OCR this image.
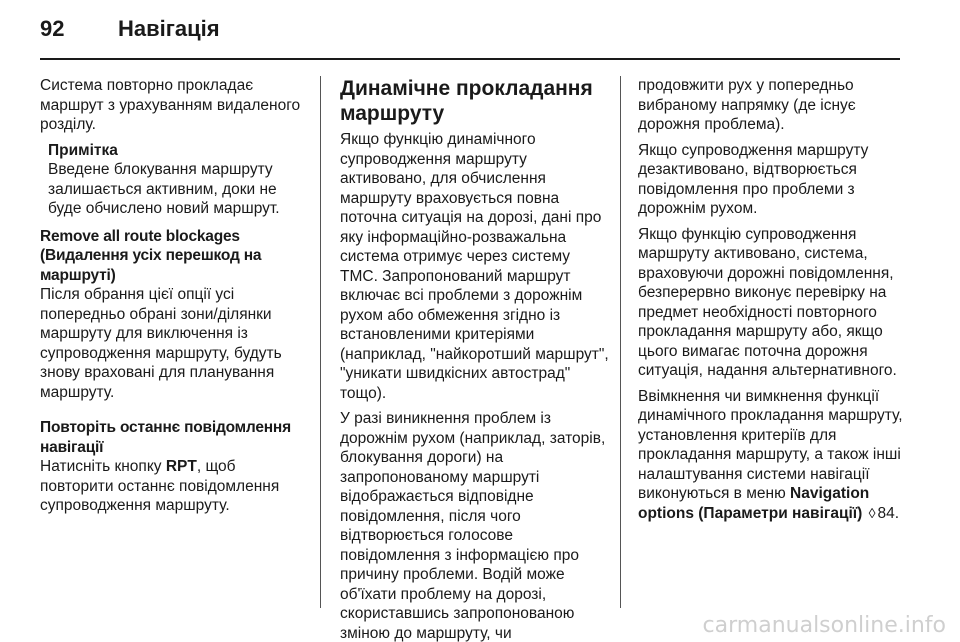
92	Навігація

Система повторно прокладає маршрут з урахуванням видаленого розділу.

Примітка
Введене блокування маршруту залишається активним, доки не буде обчислено новий маршрут.
Remove all route blockages (Видалення усіх перешкод на маршруті)
Після обрання цієї опції усі попередньо обрані зони/ділянки маршруту для виключення із супроводження маршруту, будуть знову враховані для планування маршруту.
Повторіть останнє повідомлення навігації
Натисніть кнопку RPT, щоб повторити останнє повідомлення супроводження маршруту.
Динамічне прокладання маршруту

Якщо функцію динамічного супроводження маршруту активовано, для обчислення маршруту враховується повна поточна ситуація на дорозі, дані про яку інформаційно-розважальна система отримує через систему TMC. Запропонований маршрут включає всі проблеми з дорожнім рухом або обмеження згідно із встановленими критеріями (наприклад, "найкоротший маршрут", "уникати швидкісних автострад" тощо).

У разі виникнення проблем із дорожнім рухом (наприклад, заторів, блокування дороги) на запропонованому маршруті відображається відповідне повідомлення, після чого відтворюється голосове повідомлення з інформацією про причину проблеми. Водій може об'їхати проблему на дорозі, скориставшись запропонованою зміною до маршруту, чи

продовжити рух у попередньо вибраному напрямку (де існує дорожня проблема).

Якщо супроводження маршруту дезактивовано, відтворюється повідомлення про проблеми з дорожнім рухом.

Якщо функцію супроводження маршруту активовано, система, враховуючи дорожні повідомлення, безперервно виконує перевірку на предмет необхідності повторного прокладання маршруту або, якщо цього вимагає поточна дорожня ситуація, надання альтернативного.

Ввімкнення чи вимкнення функції динамічного прокладання маршруту, установлення критеріїв для прокладання маршруту, а також інші налаштування системи навігації виконуються в меню Navigation options (Параметри навігації) ◊ 84.

carmanualsonline.info
